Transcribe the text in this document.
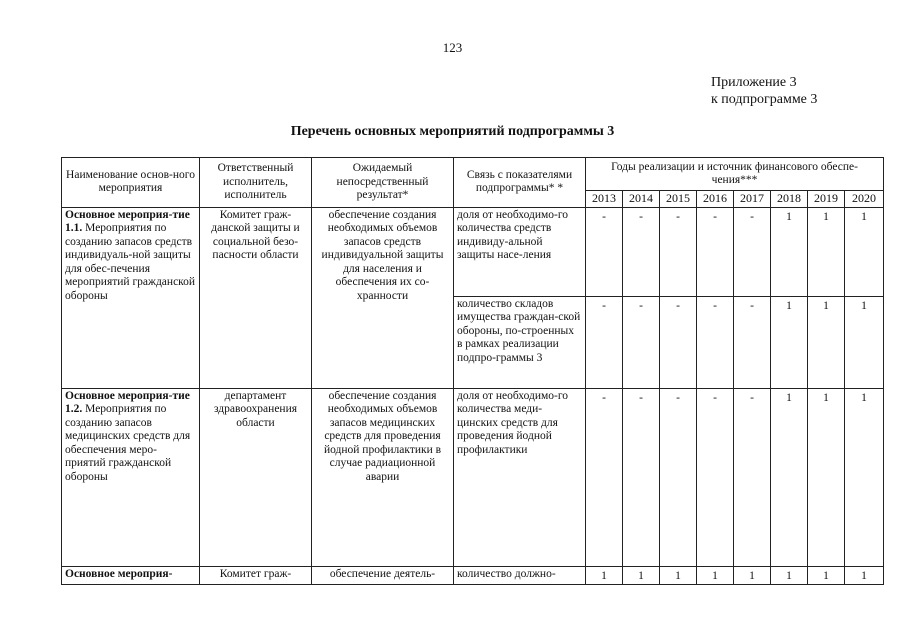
123
Приложение 3
к подпрограмме 3
Перечень основных мероприятий подпрограммы 3
Наименование основ-ного мероприятия	Ответственный исполнитель, исполнитель	Ожидаемый непосредственный результат*	Связь с показателями подпрограммы* *	Годы реализации и источник финансового обеспе-чения***							
				2013	2014	2015	2016	2017	2018	2019	2020
Основное мероприя-тие 1.1. Мероприятия по созданию запасов средств индивидуаль-ной защиты для обес-печения мероприятий гражданской обороны	Комитет граж-данской защиты и социальной безо-пасности области	обеспечение создания необходимых объемов запасов средств индивидуальной защиты для населения и обеспечения их со-хранности	доля от необходимо-го количества средств индивиду-альной защиты насе-ления	-	-	-	-	-	1	1	1
			количество складов имущества граждан-ской обороны, по-строенных в рамках реализации подпро-граммы 3	-	-	-	-	-	1	1	1
Основное мероприя-тие 1.2. Мероприятия по созданию запасов медицинских средств для обеспечения меро-приятий гражданской обороны	департамент здравоохранения области	обеспечение создания необходимых объемов запасов медицинских средств для проведения йодной профилактики в случае радиационной аварии	доля от необходимо-го количества меди-цинских средств для проведения йодной профилактики	-	-	-	-	-	1	1	1
Основное мероприя-	Комитет граж-	обеспечение деятель-	количество должно-	1	1	1	1	1	1	1	1
